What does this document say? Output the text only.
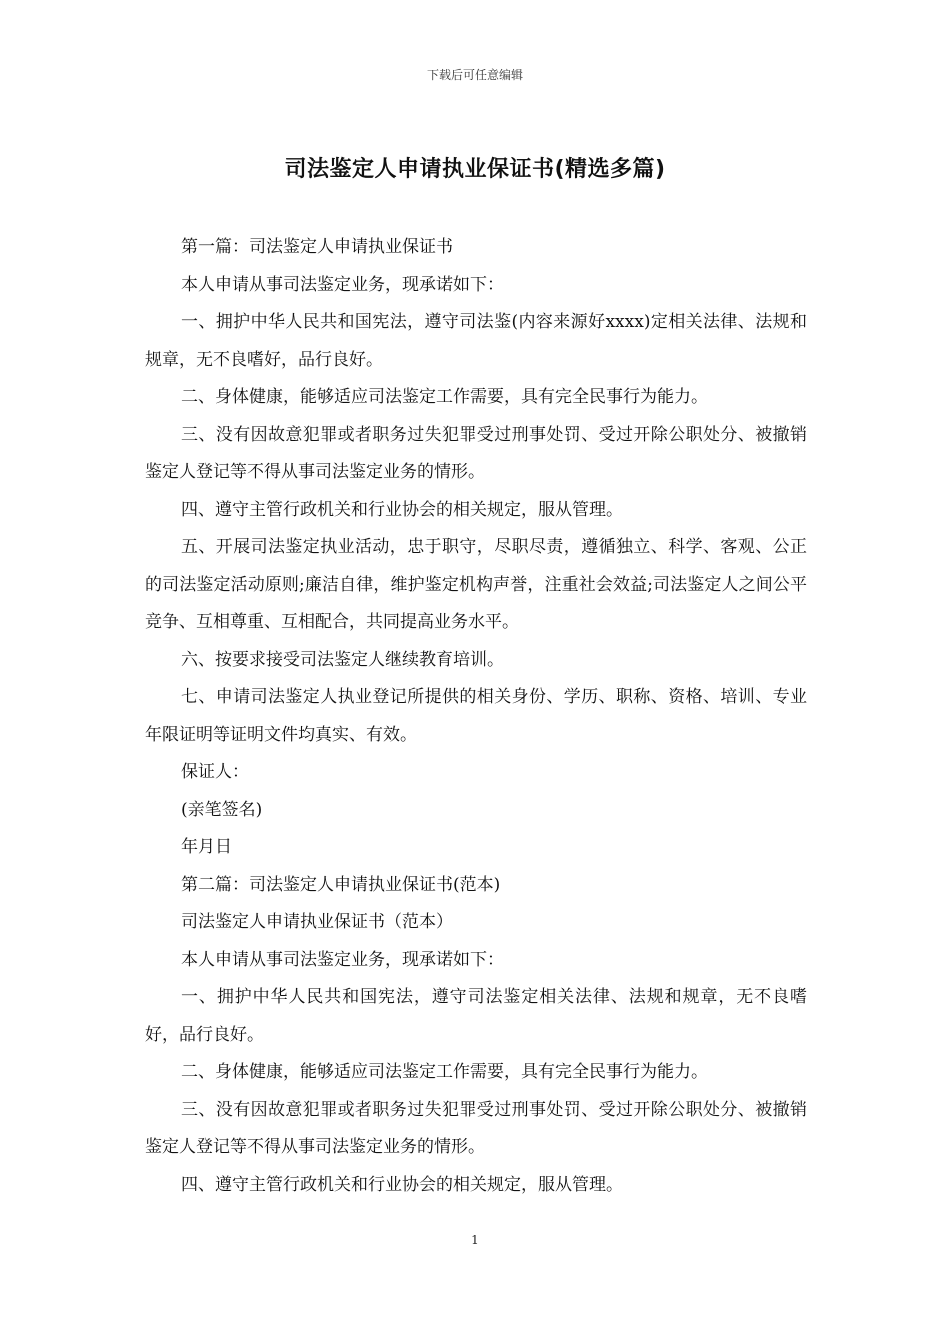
下载后可任意编辑
司法鉴定人申请执业保证书(精选多篇)

第一篇：司法鉴定人申请执业保证书

本人申请从事司法鉴定业务，现承诺如下：

一、拥护中华人民共和国宪法，遵守司法鉴(内容来源好xxxx)定相关法律、法规和规章，无不良嗜好，品行良好。

二、身体健康，能够适应司法鉴定工作需要，具有完全民事行为能力。

三、没有因故意犯罪或者职务过失犯罪受过刑事处罚、受过开除公职处分、被撤销鉴定人登记等不得从事司法鉴定业务的情形。

四、遵守主管行政机关和行业协会的相关规定，服从管理。

五、开展司法鉴定执业活动，忠于职守，尽职尽责，遵循独立、科学、客观、公正的司法鉴定活动原则;廉洁自律，维护鉴定机构声誉，注重社会效益;司法鉴定人之间公平竞争、互相尊重、互相配合，共同提高业务水平。

六、按要求接受司法鉴定人继续教育培训。

七、申请司法鉴定人执业登记所提供的相关身份、学历、职称、资格、培训、专业年限证明等证明文件均真实、有效。

保证人：

(亲笔签名)

年月日

第二篇：司法鉴定人申请执业保证书(范本)

司法鉴定人申请执业保证书（范本）

本人申请从事司法鉴定业务，现承诺如下：

一、拥护中华人民共和国宪法，遵守司法鉴定相关法律、法规和规章，无不良嗜好，品行良好。

二、身体健康，能够适应司法鉴定工作需要，具有完全民事行为能力。

三、没有因故意犯罪或者职务过失犯罪受过刑事处罚、受过开除公职处分、被撤销鉴定人登记等不得从事司法鉴定业务的情形。

四、遵守主管行政机关和行业协会的相关规定，服从管理。

1
